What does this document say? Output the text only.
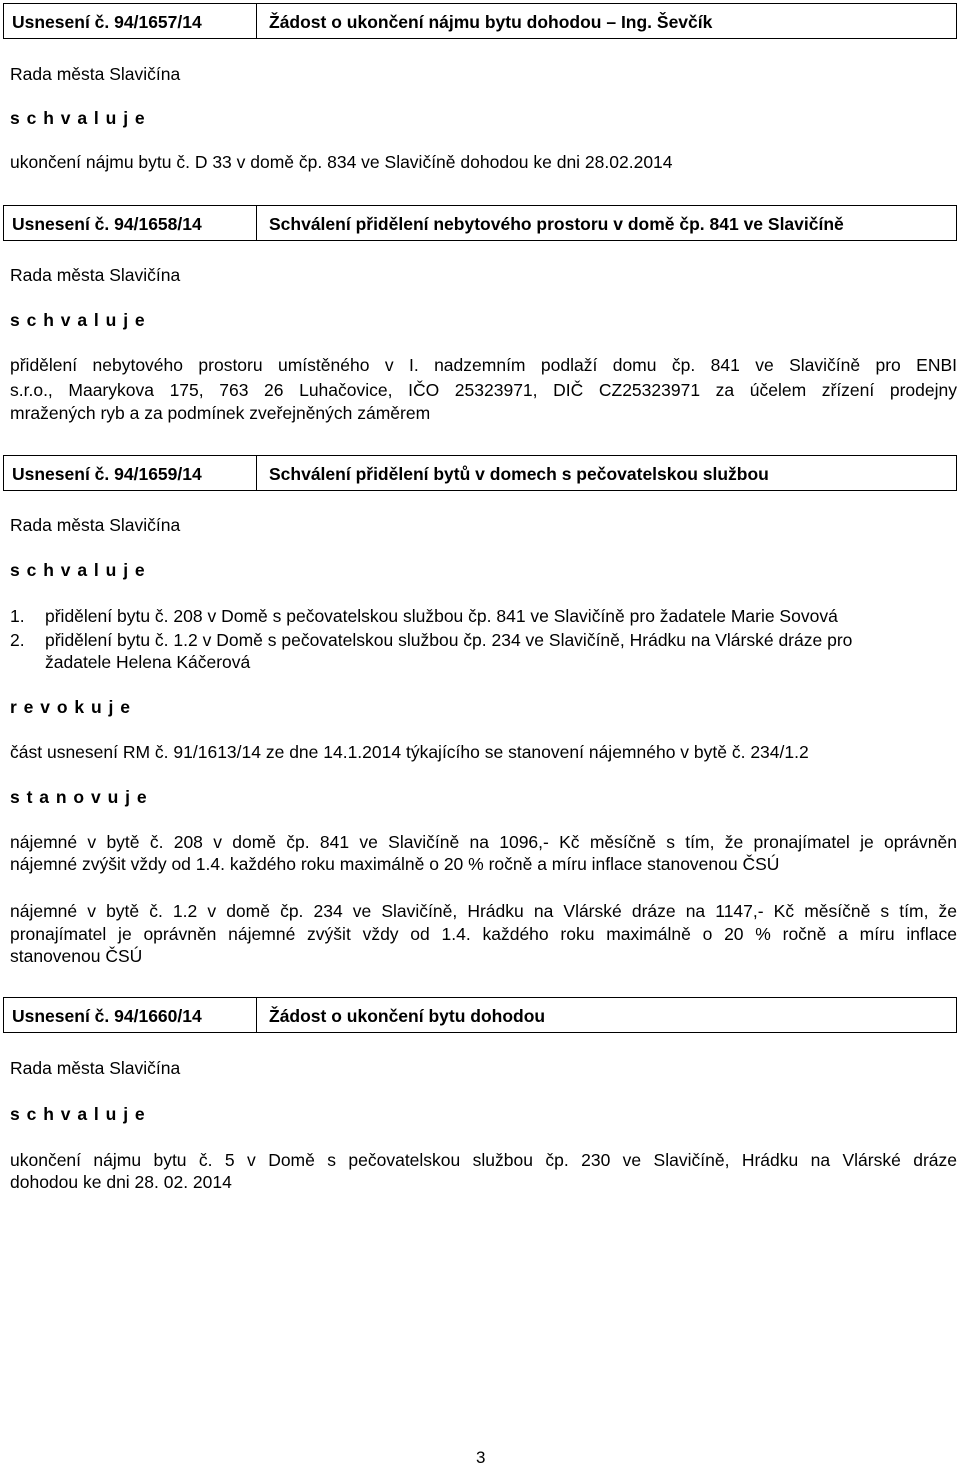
Usnesení č. 94/1657/14	Žádost o ukončení nájmu bytu dohodou – Ing. Ševčík
Rada města Slavičína
s c h v a l u j e
ukončení nájmu bytu č. D 33 v domě čp. 834 ve Slavičíně dohodou ke dni 28.02.2014
Usnesení č. 94/1658/14	Schválení přidělení nebytového prostoru v domě čp. 841 ve Slavičíně
Rada města Slavičína
s c h v a l u j e
přidělení nebytového prostoru umístěného v I. nadzemním podlaží domu čp. 841 ve Slavičíně pro ENBI
s.r.o., Maarykova 175, 763 26 Luhačovice, IČO 25323971, DIČ CZ25323971 za účelem zřízení prodejny
mražených ryb a za podmínek zveřejněných záměrem
Usnesení č. 94/1659/14	Schválení přidělení bytů v domech s pečovatelskou službou
Rada města Slavičína
s c h v a l u j e
1. přidělení bytu č. 208 v Domě s pečovatelskou službou čp. 841 ve Slavičíně pro žadatele Marie Sovová
2. přidělení bytu č. 1.2 v Domě s pečovatelskou službou čp. 234 ve Slavičíně, Hrádku na Vlárské dráze pro
žadatele Helena Káčerová
r e v o k u j e
část usnesení RM č. 91/1613/14 ze dne 14.1.2014 týkajícího se stanovení nájemného v bytě č. 234/1.2
s t a n o v u j e
nájemné v bytě č. 208 v domě čp. 841 ve Slavičíně na 1096,- Kč měsíčně s tím, že pronajímatel je oprávněn
nájemné zvýšit vždy od 1.4. každého roku maximálně o 20 % ročně a míru inflace stanovenou ČSÚ
nájemné v bytě č. 1.2 v domě čp. 234 ve Slavičíně, Hrádku na Vlárské dráze na 1147,- Kč měsíčně s tím, že
pronajímatel je oprávněn nájemné zvýšit vždy od 1.4. každého roku maximálně o 20 % ročně a míru inflace
stanovenou ČSÚ
Usnesení č. 94/1660/14	Žádost o ukončení bytu dohodou
Rada města Slavičína
s c h v a l u j e
ukončení nájmu bytu č. 5 v Domě s pečovatelskou službou čp. 230 ve Slavičíně, Hrádku na Vlárské dráze
dohodou ke dni 28. 02. 2014
3
